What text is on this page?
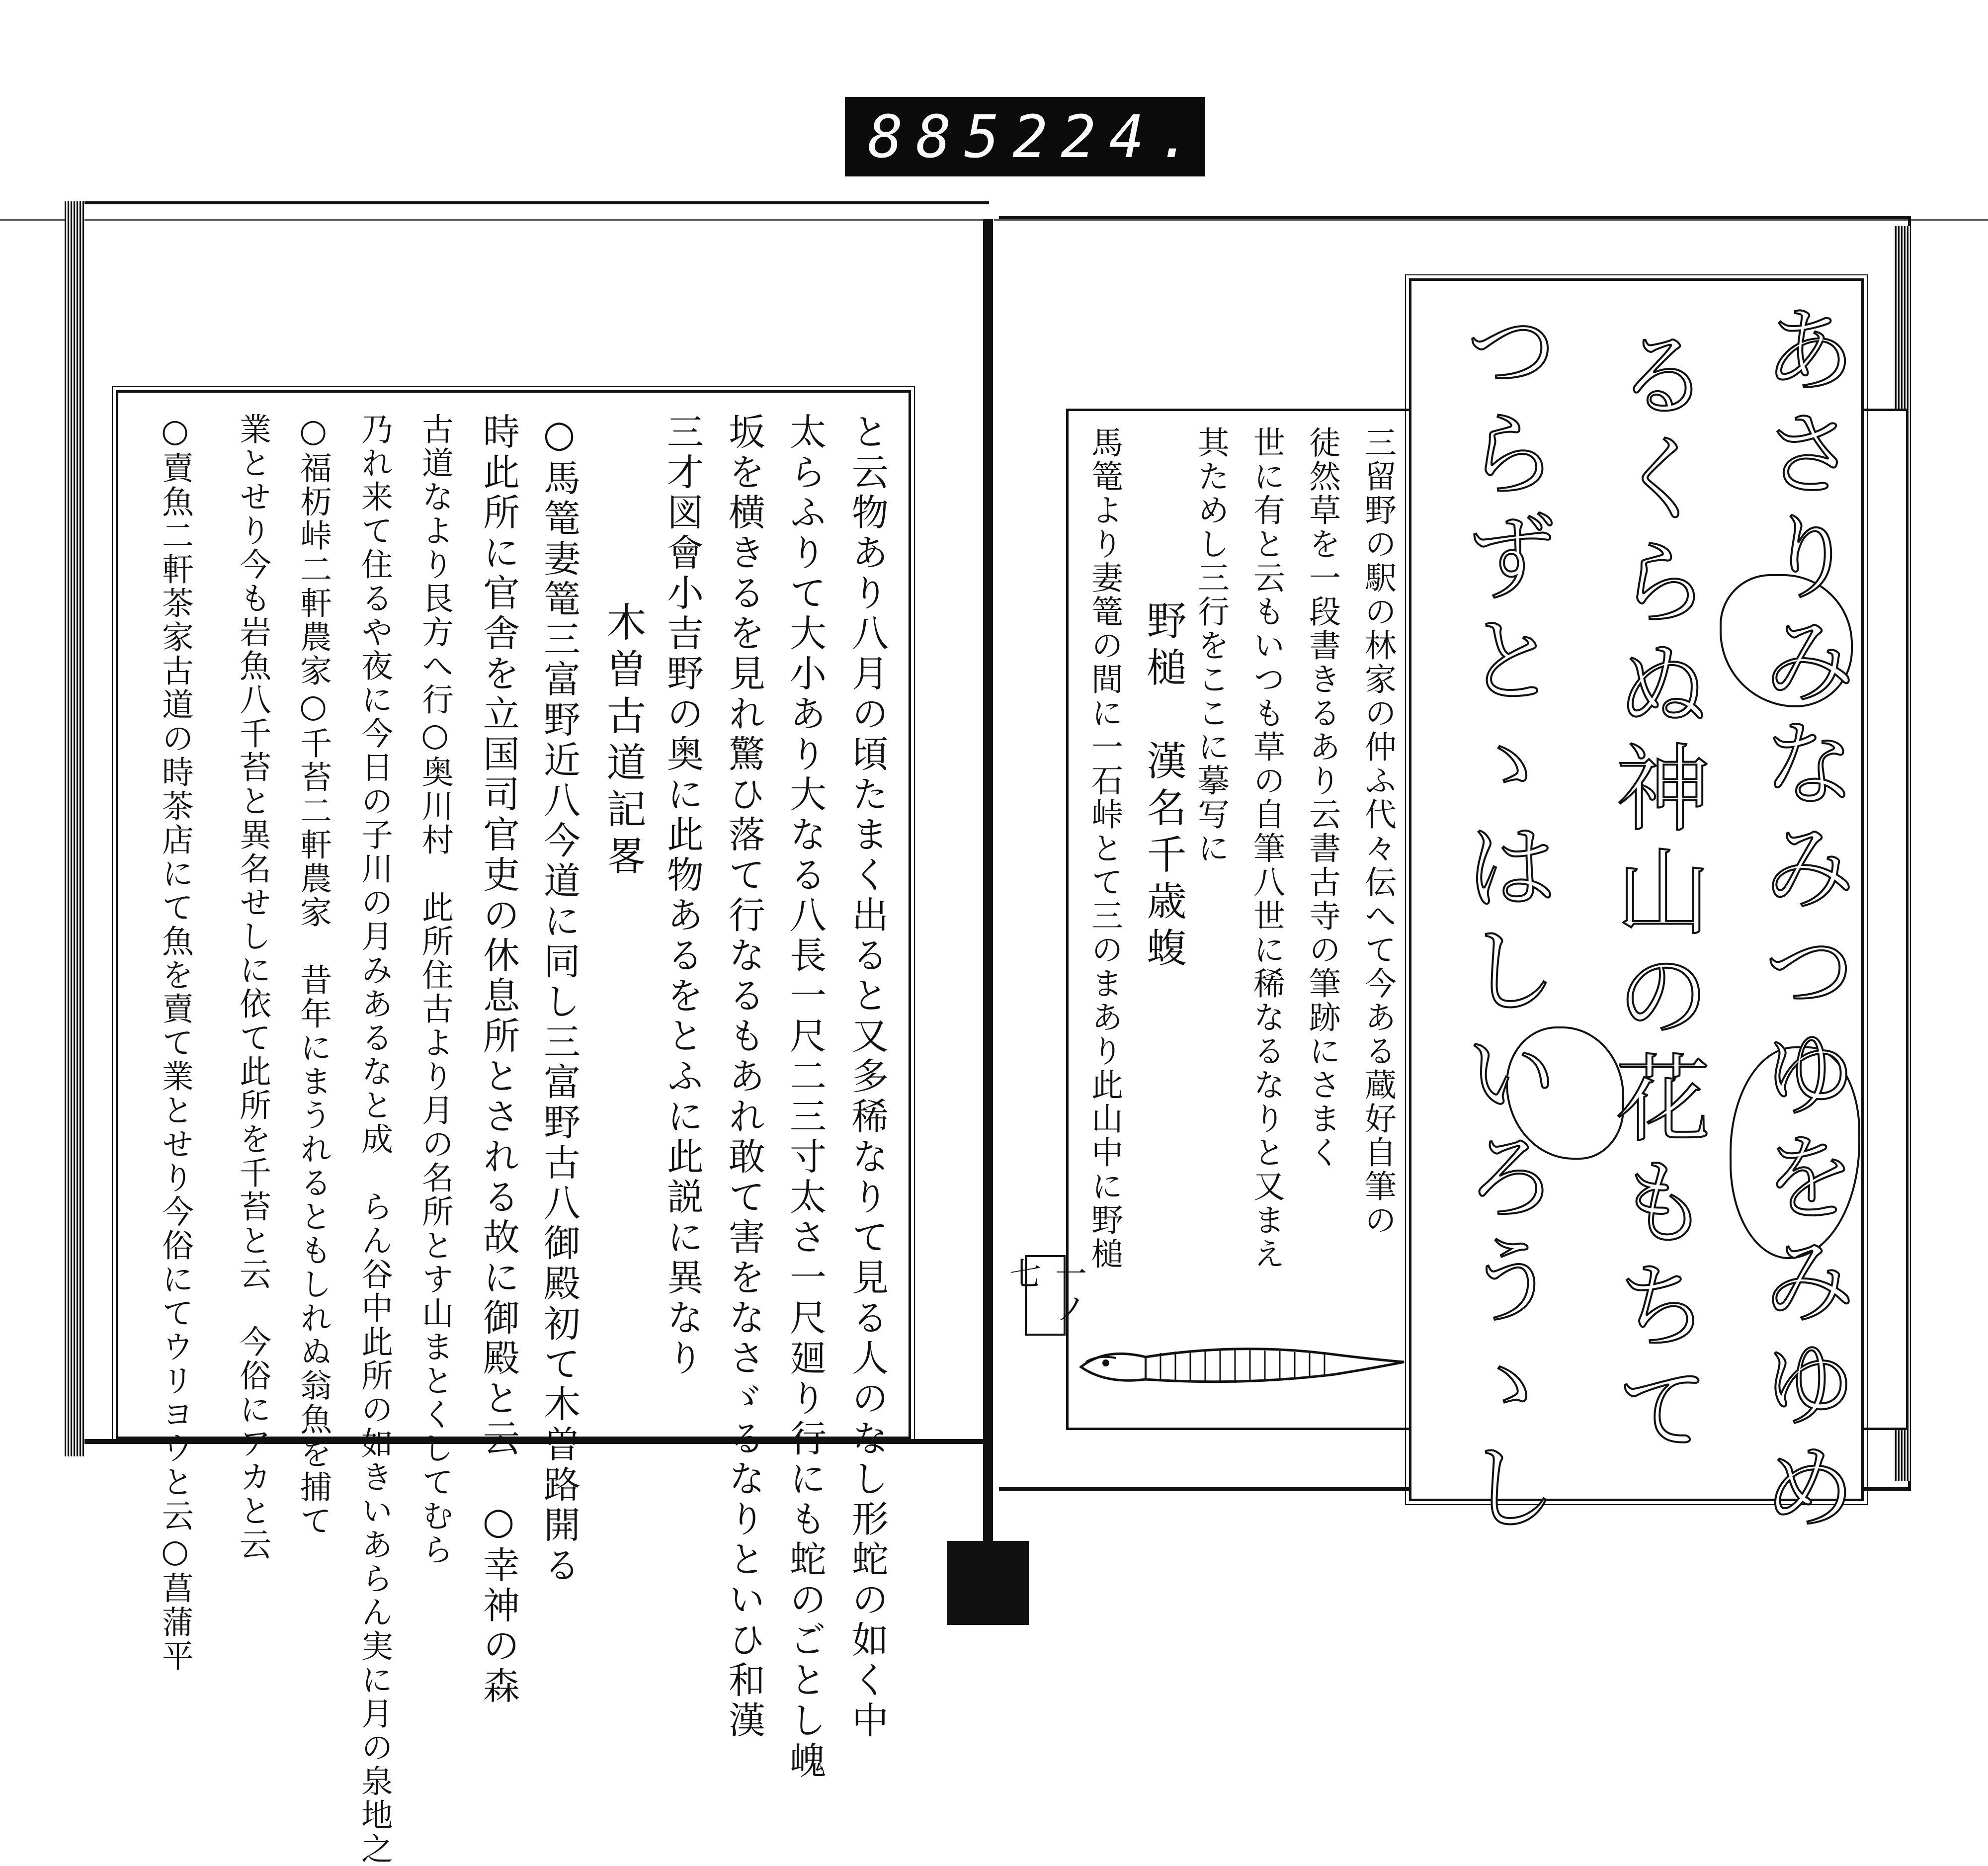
885 224.
と云物あり八月の頃たまく出ると又多稀なりて見る人のなし形蛇の如く中
太らふりて大小あり大なる八長一尺二三寸太さ一尺廻り行にも蛇のごとし㟴
坂を横きるを見れ驚ひ落て行なるもあれ敢て害をなさゞるなりといひ和漢
三才図會小吉野の奥に此物あるをとふに此説に異なり
木曽古道記畧
○馬篭妻篭三富野近八今道に同し三富野古八御殿初て木曽路開る
時此所に官舎を立国司官吏の休息所とされる故に御殿と云　○幸神の森
古道なより艮方へ行○奥川村　此所住古より月の名所とす山まとくしてむら
乃れ来て住るや夜に今日の子川の月みあるなと成　らん谷中此所の如きいあらん実に月の泉地之
○福杤峠二軒農家○千苔二軒農家　昔年にまうれるともしれぬ翁魚を捕て
業とせり今も岩魚八千苔と異名せしに依て此所を千苔と云　今俗にアカと云
○賣魚二軒茶家古道の時茶店にて魚を賣て業とせり今俗にてウリヨウと云○菖蒲平	三留野の駅の林家の仲ふ代々伝へて今ある蔵好自筆の
徒然草を一段書きるあり云書古寺の筆跡にさまく
世に有と云もいつも草の自筆八世に稀なるなりと又まえ
其ためし三行をここに摹写に
野槌　漢名千歳蝮
馬篭より妻篭の間に一石峠とて三のまあり此山中に野槌
七	あさりみなみつゆをみゆめ
るくらぬ神山の花もちて
つらずとゝはしいろうゝし
